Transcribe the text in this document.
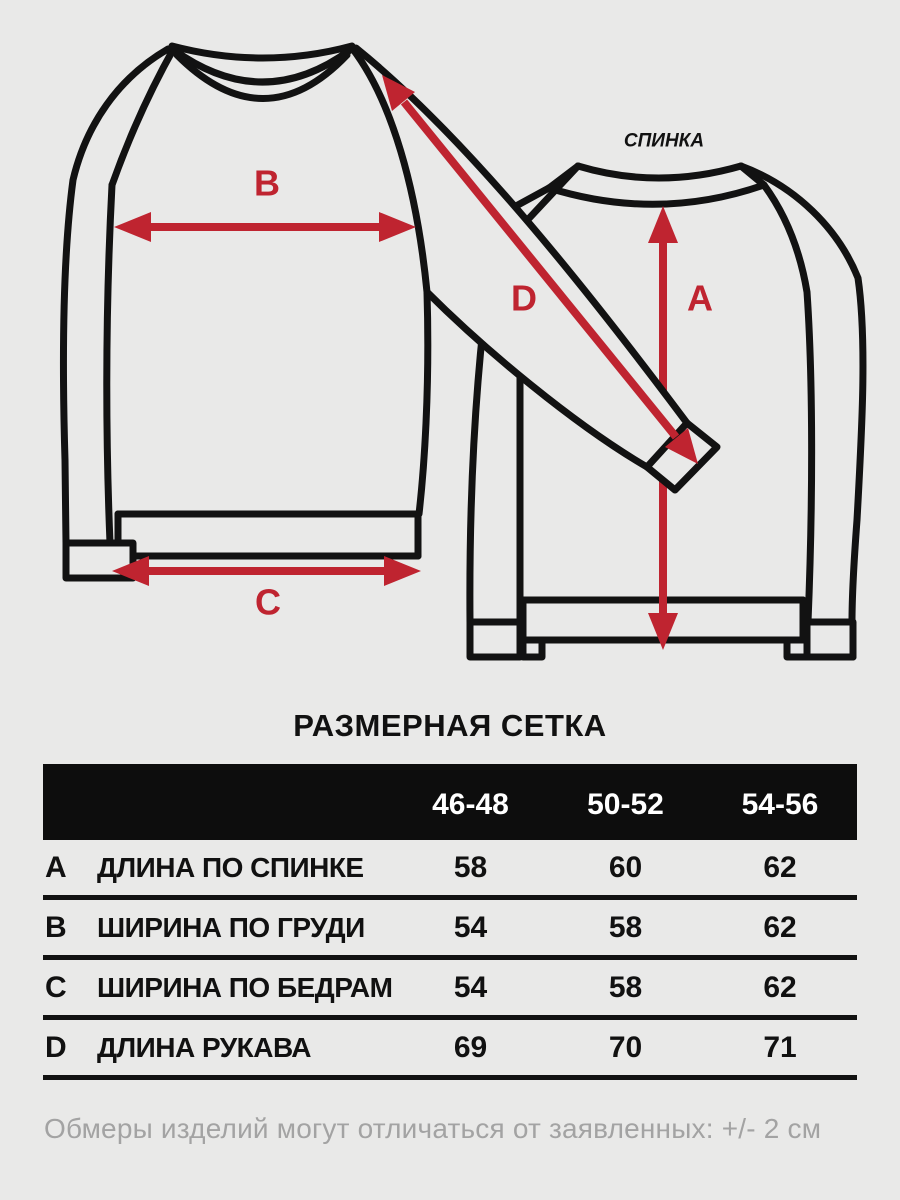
B
C
D	A
СПИНКА
РАЗМЕРНАЯ СЕТКА
46-48	50-52	54-56
A	ДЛИНА ПО СПИНКЕ	58	60	62
B	ШИРИНА ПО ГРУДИ	54	58	62
C	ШИРИНА ПО БЕДРАМ	54	58	62
D	ДЛИНА РУКАВА	69	70	71
Обмеры изделий могут отличаться от заявленных: +/- 2 см
